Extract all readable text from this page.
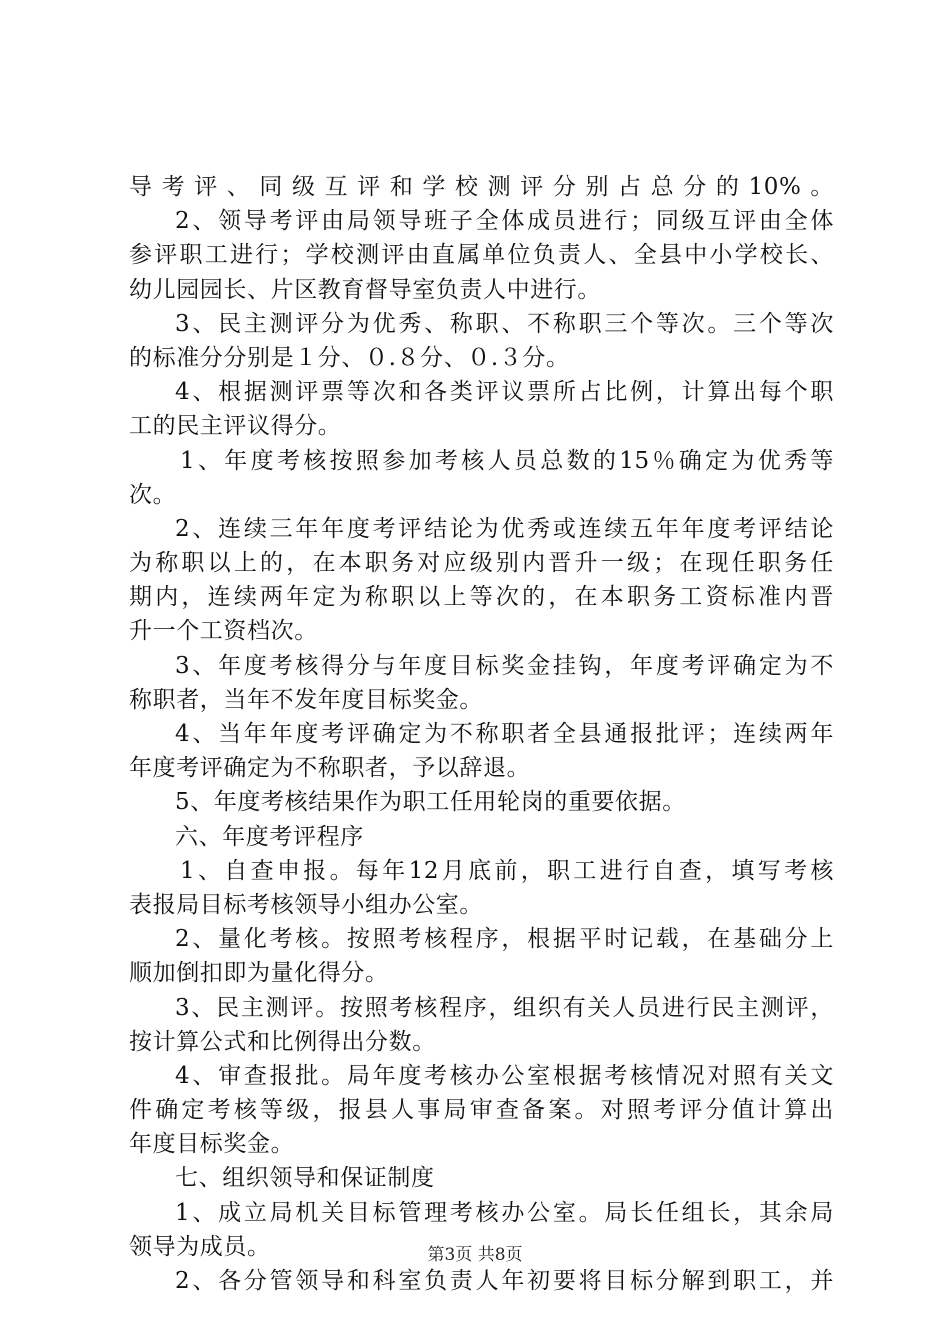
导考评、同级互评和学校测评分别占总分的10%。
2、领导考评由局领导班子全体成员进行；同级互评由全体
参评职工进行；学校测评由直属单位负责人、全县中小学校长、
幼儿园园长、片区教育督导室负责人中进行。
3、民主测评分为优秀、称职、不称职三个等次。三个等次
的标准分分别是１分、０.８分、０.３分。
4、根据测评票等次和各类评议票所占比例，计算出每个职
工的民主评议得分。
1、年度考核按照参加考核人员总数的15％确定为优秀等
次。
2、连续三年年度考评结论为优秀或连续五年年度考评结论
为称职以上的，在本职务对应级别内晋升一级；在现任职务任
期内，连续两年定为称职以上等次的，在本职务工资标准内晋
升一个工资档次。
3、年度考核得分与年度目标奖金挂钩，年度考评确定为不
称职者，当年不发年度目标奖金。
4、当年年度考评确定为不称职者全县通报批评；连续两年
年度考评确定为不称职者，予以辞退。
5、年度考核结果作为职工任用轮岗的重要依据。
六、年度考评程序
1、自查申报。每年12月底前，职工进行自查，填写考核
表报局目标考核领导小组办公室。
2、量化考核。按照考核程序，根据平时记载，在基础分上
顺加倒扣即为量化得分。
3、民主测评。按照考核程序，组织有关人员进行民主测评，
按计算公式和比例得出分数。
4、审查报批。局年度考核办公室根据考核情况对照有关文
件确定考核等级，报县人事局审查备案。对照考评分值计算出
年度目标奖金。
七、组织领导和保证制度
1、成立局机关目标管理考核办公室。局长任组长，其余局
领导为成员。
2、各分管领导和科室负责人年初要将目标分解到职工，并
第3页 共8页
